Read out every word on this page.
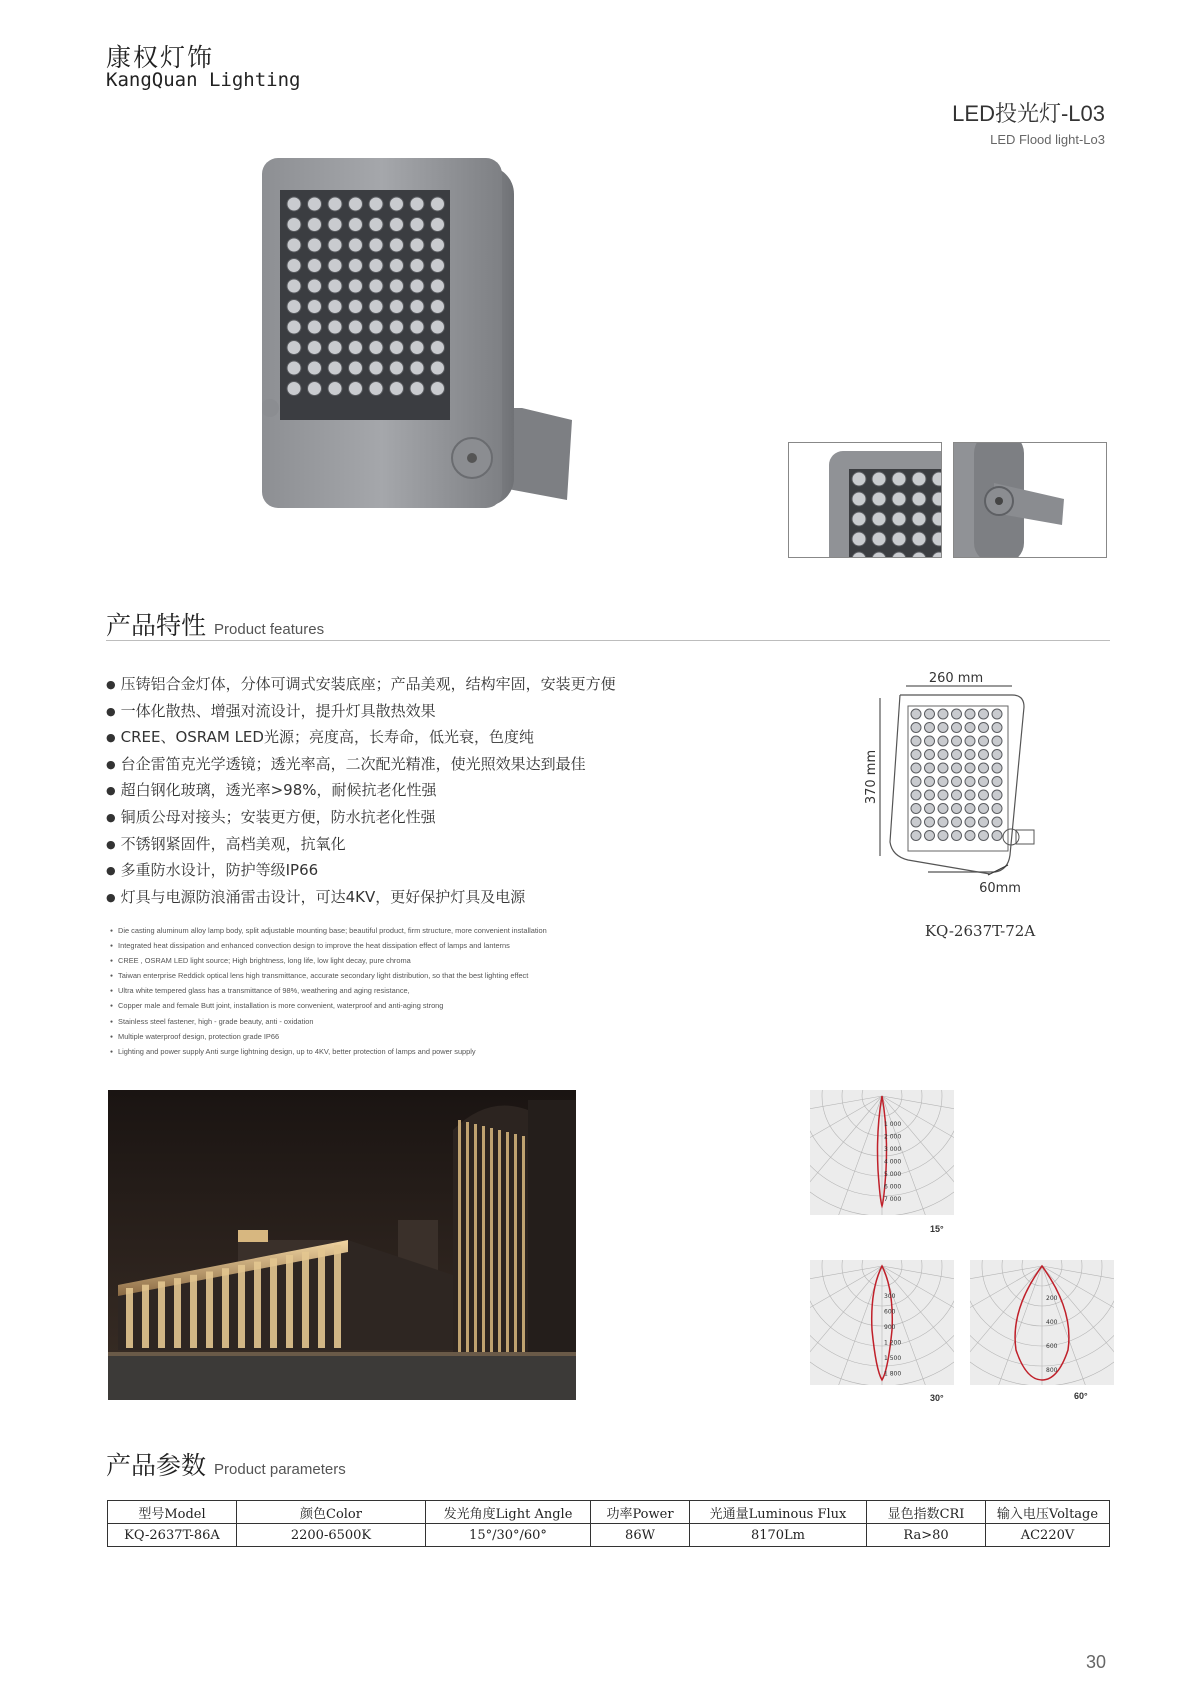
康权灯饰
KangQuan Lighting
LED投光灯-L03
LED Flood light-Lo3
产品特性 Product features
● 压铸铝合金灯体，分体可调式安装底座；产品美观，结构牢固，安装更方便
● 一体化散热、增强对流设计，提升灯具散热效果
● CREE、OSRAM LED光源；亮度高，长寿命，低光衰，色度纯
● 台企雷笛克光学透镜；透光率高，二次配光精准，使光照效果达到最佳
● 超白钢化玻璃，透光率>98%，耐候抗老化性强
● 铜质公母对接头；安装更方便，防水抗老化性强
● 不锈钢紧固件，高档美观，抗氧化
● 多重防水设计，防护等级IP66
● 灯具与电源防浪涌雷击设计，可达4KV，更好保护灯具及电源
● Die casting aluminum alloy lamp body, split adjustable mounting base; beautiful product, firm structure, more convenient installation
● Integrated heat dissipation and enhanced convection design to improve the heat dissipation effect of lamps and lanterns
● CREE , OSRAM LED light source; High brightness, long life, low light decay, pure chroma
● Taiwan enterprise Reddick optical lens high transmittance, accurate secondary light distribution, so that the best lighting effect
● Ultra white tempered glass has a transmittance of 98%, weathering and aging resistance,
● Copper male and female Butt joint, installation is more convenient, waterproof and anti-aging strong
● Stainless steel fastener, high - grade beauty, anti - oxidation
● Multiple waterproof design, protection grade IP66
● Lighting and power supply Anti surge lightning design, up to 4KV, better protection of lamps and power supply
260 mm
370 mm
60mm
KQ-2637T-72A
1 000
2 000
3 000
4 000
5 000
6 000
7 000
15°
300
600
900
1 200
1 500
1 800
30°
200
400
600
800
60°
产品参数 Product parameters
型号Model	颜色Color	发光角度Light Angle	功率Power	光通量Luminous Flux	显色指数CRI	输入电压Voltage
KQ-2637T-86A	2200-6500K	15°/30°/60°	86W	8170Lm	Ra>80	AC220V
30
